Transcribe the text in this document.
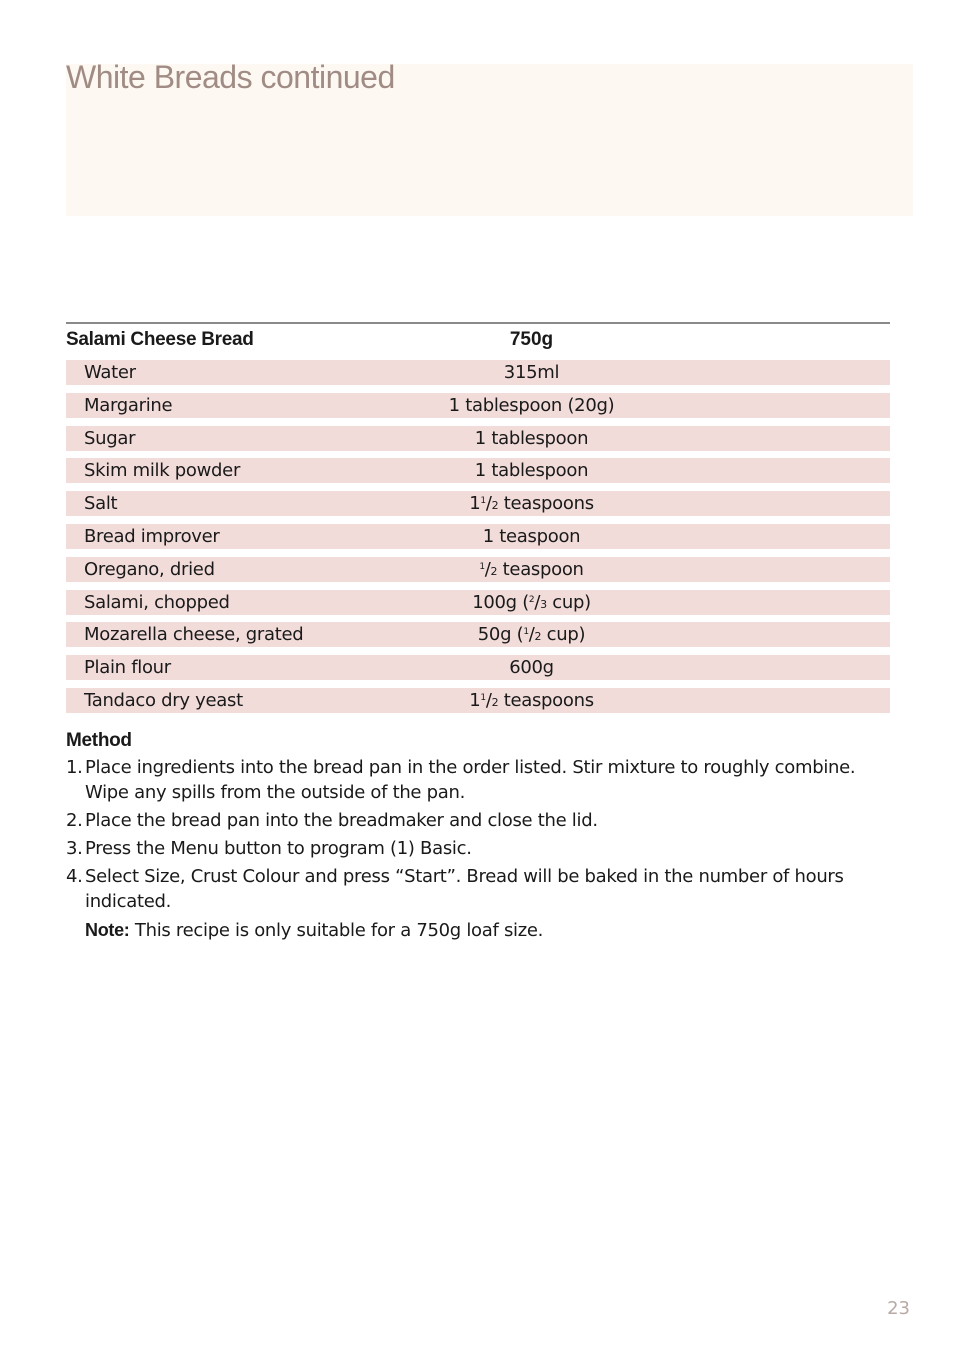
White Breads continued
Salami Cheese Bread	750g
Water	315ml
Margarine	1 tablespoon (20g)
Sugar	1 tablespoon
Skim milk powder	1 tablespoon
Salt	$1^1/2$ teaspoons
Bread improver	1 teaspoon
Oregano, dried	$^1$/2 teaspoon
Salami, chopped	100g ($^2$/3 cup)
Mozarella cheese, grated	50g ($^1$/2 cup)
Plain flour	600g
Tandaco dry yeast	$1^1/2$ teaspoons

Method

1. Place ingredients into the bread pan in the order listed. Stir mixture to roughly combine. Wipe any spills from the outside of the pan.
2. Place the bread pan into the breadmaker and close the lid.
3. Press the Menu button to program (1) Basic.
4. Select Size, Crust Colour and press “Start”. Bread will be baked in the number of hours indicated.
Note: This recipe is only suitable for a 750g loaf size.
23
